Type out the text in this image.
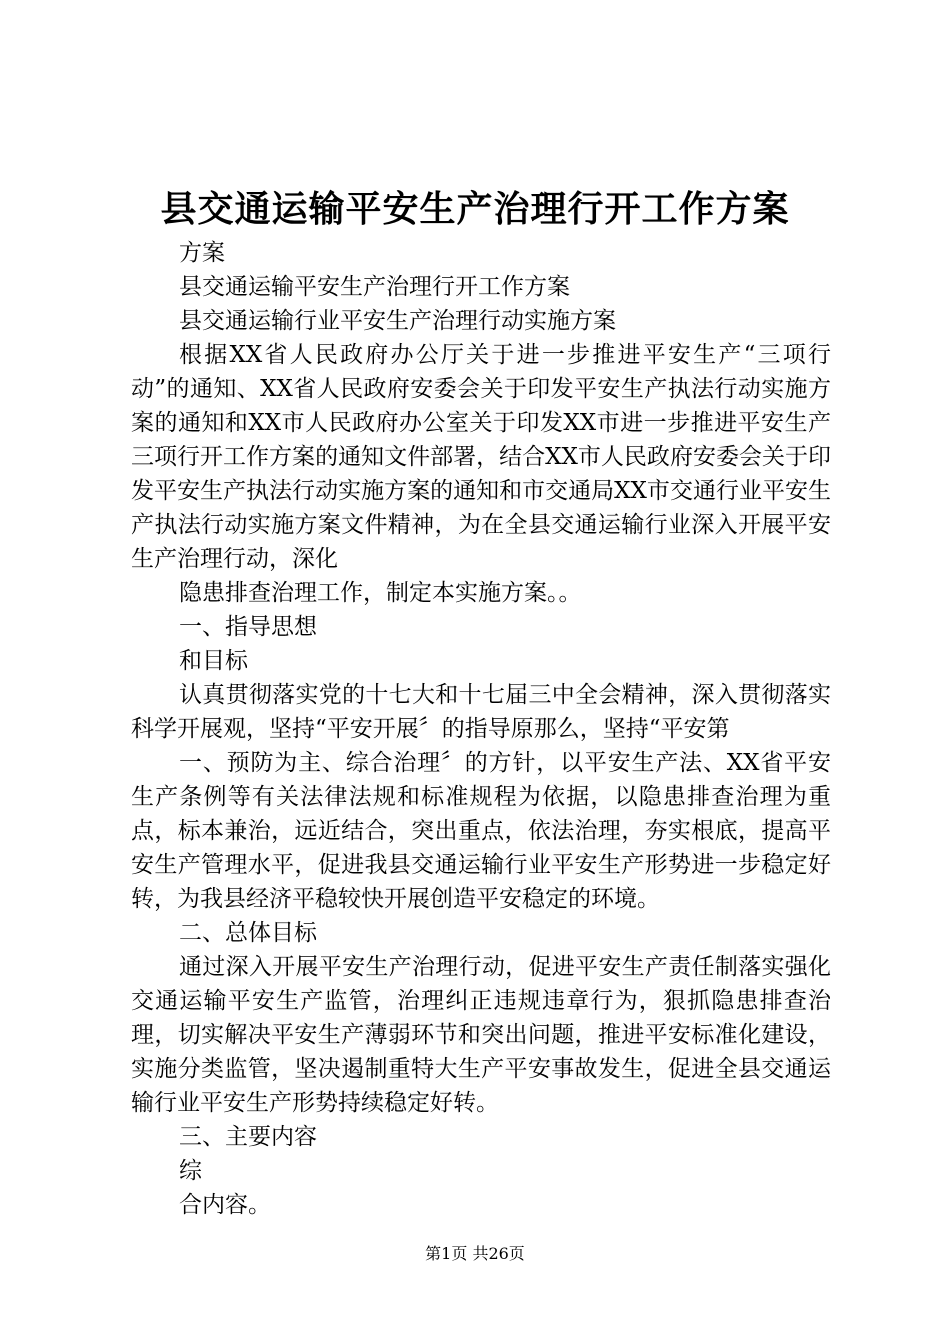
县交通运输平安生产治理行开工作方案

方案

县交通运输平安生产治理行开工作方案

县交通运输行业平安生产治理行动实施方案

根据XX省人民政府办公厅关于进一步推进平安生产“三项行动”的通知、XX省人民政府安委会关于印发平安生产执法行动实施方案的通知和XX市人民政府办公室关于印发XX市进一步推进平安生产三项行开工作方案的通知文件部署，结合XX市人民政府安委会关于印发平安生产执法行动实施方案的通知和市交通局XX市交通行业平安生产执法行动实施方案文件精神，为在全县交通运输行业深入开展平安生产治理行动，深化

隐患排查治理工作，制定本实施方案。。

一、指导思想

和目标

认真贯彻落实党的十七大和十七届三中全会精神，深入贯彻落实科学开展观，坚持“平安开展〞的指导原那么，坚持“平安第

一、预防为主、综合治理〞的方针，以平安生产法、XX省平安生产条例等有关法律法规和标准规程为依据，以隐患排查治理为重点，标本兼治，远近结合，突出重点，依法治理，夯实根底，提高平安生产管理水平，促进我县交通运输行业平安生产形势进一步稳定好转，为我县经济平稳较快开展创造平安稳定的环境。

二、总体目标

通过深入开展平安生产治理行动，促进平安生产责任制落实强化交通运输平安生产监管，治理纠正违规违章行为，狠抓隐患排查治理，切实解决平安生产薄弱环节和突出问题，推进平安标准化建设，实施分类监管，坚决遏制重特大生产平安事故发生，促进全县交通运输行业平安生产形势持续稳定好转。

三、主要内容

综

合内容。

第1页 共26页
